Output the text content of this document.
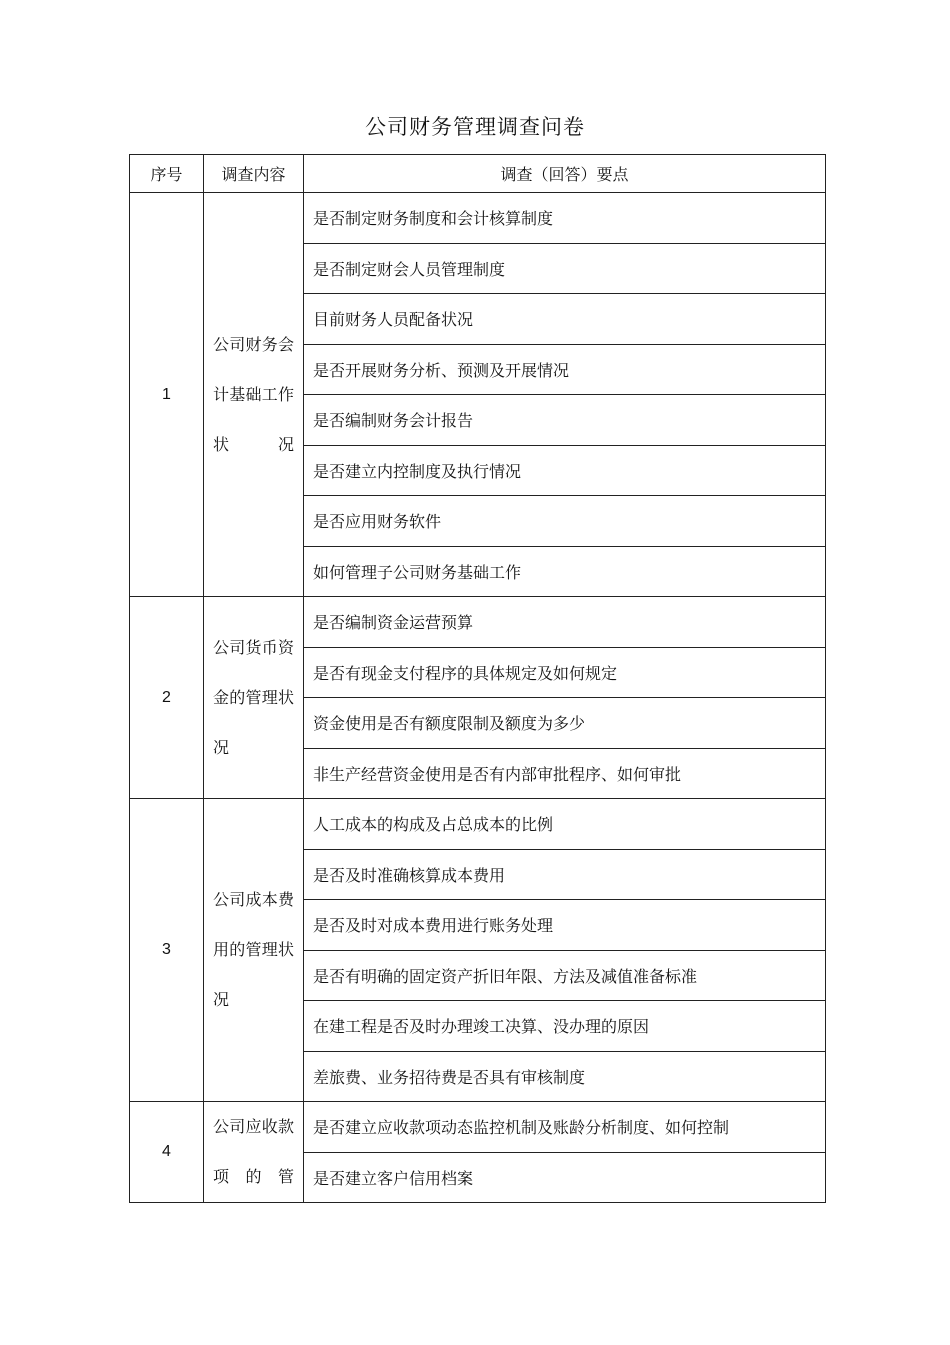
公司财务管理调查问卷
序号	调查内容	调查（回答）要点
1	公司财务会计基础工作状况	是否制定财务制度和会计核算制度
		是否制定财会人员管理制度
		目前财务人员配备状况
		是否开展财务分析、预测及开展情况
		是否编制财务会计报告
		是否建立内控制度及执行情况
		是否应用财务软件
		如何管理子公司财务基础工作
2	公司货币资金的管理状况	是否编制资金运营预算
		是否有现金支付程序的具体规定及如何规定
		资金使用是否有额度限制及额度为多少
		非生产经营资金使用是否有内部审批程序、如何审批
3	公司成本费用的管理状况	人工成本的构成及占总成本的比例
		是否及时准确核算成本费用
		是否及时对成本费用进行账务处理
		是否有明确的固定资产折旧年限、方法及减值准备标准
		在建工程是否及时办理竣工决算、没办理的原因
		差旅费、业务招待费是否具有审核制度
4	公司应收款项的管	是否建立应收款项动态监控机制及账龄分析制度、如何控制
		是否建立客户信用档案
